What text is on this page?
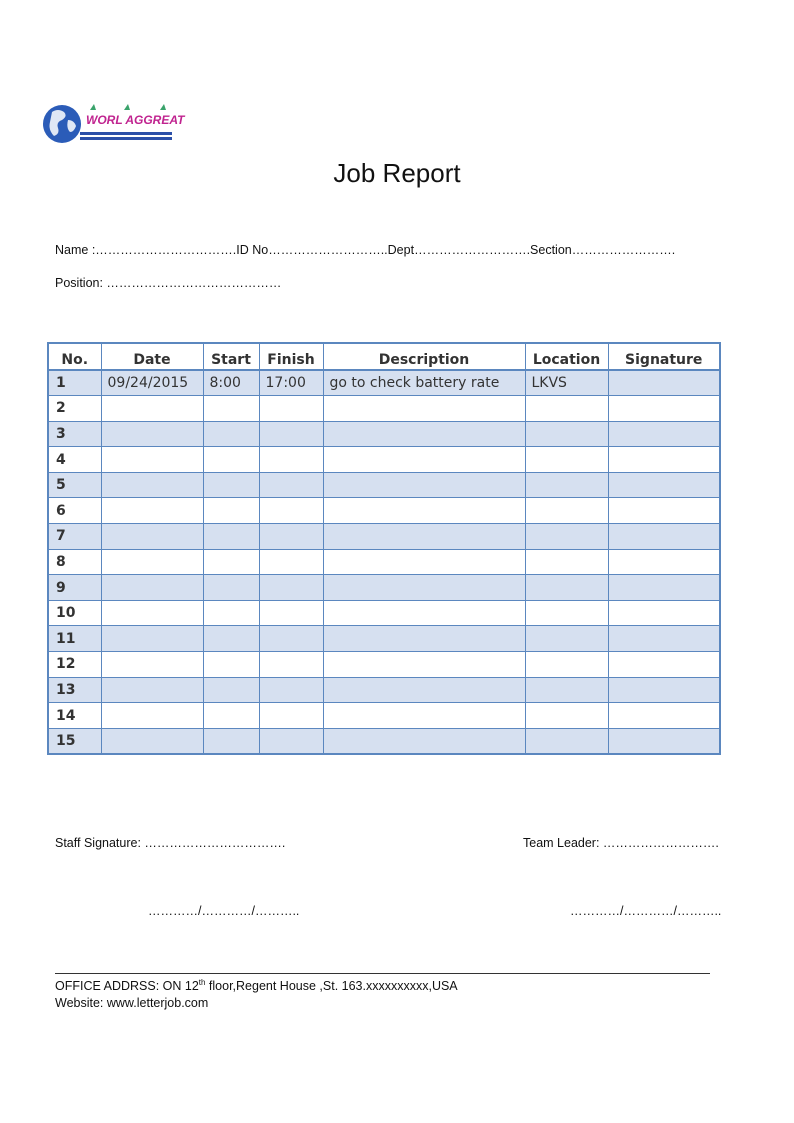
WORL AGGREAT
Job Report
Name :…………………………….ID No………………………..Dept……………………….Section…………………….
Position: ……………………………………
No.	Date	Start	Finish	Description	Location	Signature
1	09/24/2015	8:00	17:00	go to check battery rate	LKVS	
2						
3						
4						
5						
6						
7						
8						
9						
10						
11						
12						
13						
14						
15						
Staff Signature: …………………………….	Team Leader: ……………………….
…………/…………/………..	…………/…………/………..
OFFICE ADDRSS: ON 12th floor,Regent House ,St. 163.xxxxxxxxxx,USA
Website: www.letterjob.com
